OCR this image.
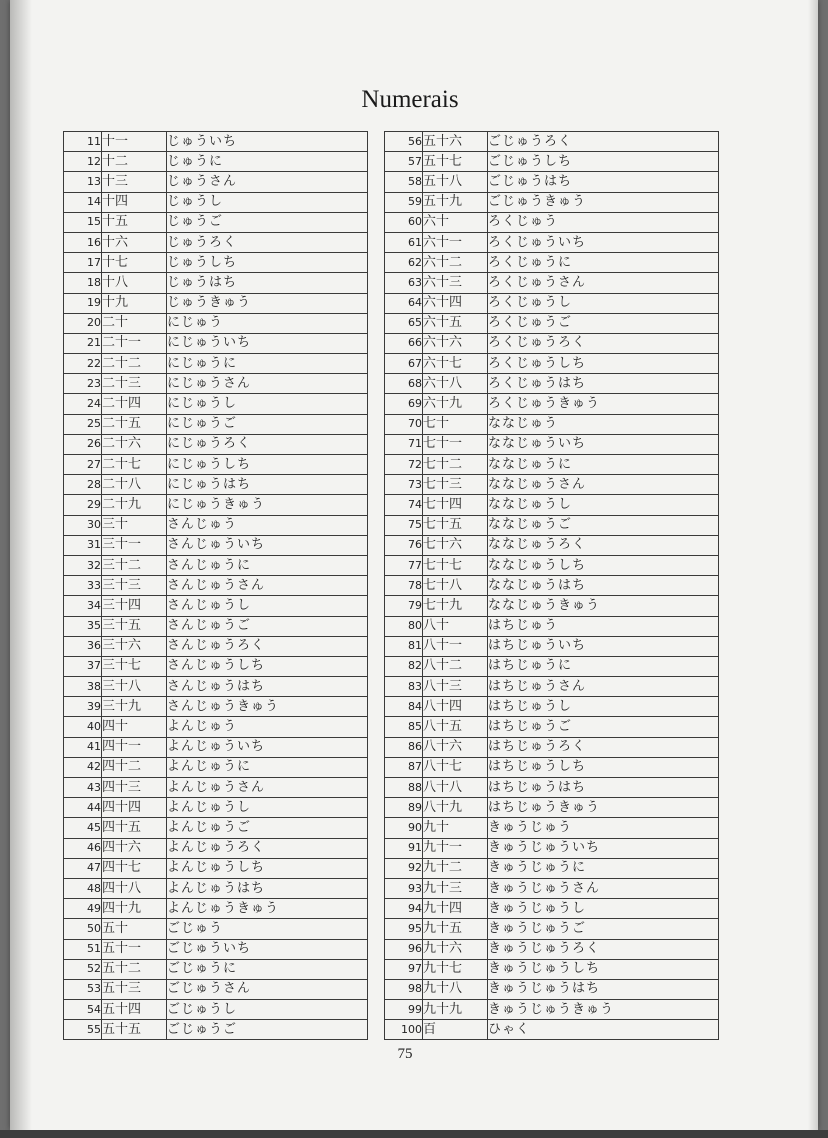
Numerais
11	十一	じゅういち
12	十二	じゅうに
13	十三	じゅうさん
14	十四	じゅうし
15	十五	じゅうご
16	十六	じゅうろく
17	十七	じゅうしち
18	十八	じゅうはち
19	十九	じゅうきゅう
20	二十	にじゅう
21	二十一	にじゅういち
22	二十二	にじゅうに
23	二十三	にじゅうさん
24	二十四	にじゅうし
25	二十五	にじゅうご
26	二十六	にじゅうろく
27	二十七	にじゅうしち
28	二十八	にじゅうはち
29	二十九	にじゅうきゅう
30	三十	さんじゅう
31	三十一	さんじゅういち
32	三十二	さんじゅうに
33	三十三	さんじゅうさん
34	三十四	さんじゅうし
35	三十五	さんじゅうご
36	三十六	さんじゅうろく
37	三十七	さんじゅうしち
38	三十八	さんじゅうはち
39	三十九	さんじゅうきゅう
40	四十	よんじゅう
41	四十一	よんじゅういち
42	四十二	よんじゅうに
43	四十三	よんじゅうさん
44	四十四	よんじゅうし
45	四十五	よんじゅうご
46	四十六	よんじゅうろく
47	四十七	よんじゅうしち
48	四十八	よんじゅうはち
49	四十九	よんじゅうきゅう
50	五十	ごじゅう
51	五十一	ごじゅういち
52	五十二	ごじゅうに
53	五十三	ごじゅうさん
54	五十四	ごじゅうし
55	五十五	ごじゅうご
56	五十六	ごじゅうろく
57	五十七	ごじゅうしち
58	五十八	ごじゅうはち
59	五十九	ごじゅうきゅう
60	六十	ろくじゅう
61	六十一	ろくじゅういち
62	六十二	ろくじゅうに
63	六十三	ろくじゅうさん
64	六十四	ろくじゅうし
65	六十五	ろくじゅうご
66	六十六	ろくじゅうろく
67	六十七	ろくじゅうしち
68	六十八	ろくじゅうはち
69	六十九	ろくじゅうきゅう
70	七十	ななじゅう
71	七十一	ななじゅういち
72	七十二	ななじゅうに
73	七十三	ななじゅうさん
74	七十四	ななじゅうし
75	七十五	ななじゅうご
76	七十六	ななじゅうろく
77	七十七	ななじゅうしち
78	七十八	ななじゅうはち
79	七十九	ななじゅうきゅう
80	八十	はちじゅう
81	八十一	はちじゅういち
82	八十二	はちじゅうに
83	八十三	はちじゅうさん
84	八十四	はちじゅうし
85	八十五	はちじゅうご
86	八十六	はちじゅうろく
87	八十七	はちじゅうしち
88	八十八	はちじゅうはち
89	八十九	はちじゅうきゅう
90	九十	きゅうじゅう
91	九十一	きゅうじゅういち
92	九十二	きゅうじゅうに
93	九十三	きゅうじゅうさん
94	九十四	きゅうじゅうし
95	九十五	きゅうじゅうご
96	九十六	きゅうじゅうろく
97	九十七	きゅうじゅうしち
98	九十八	きゅうじゅうはち
99	九十九	きゅうじゅうきゅう
100	百	ひゃく
75
